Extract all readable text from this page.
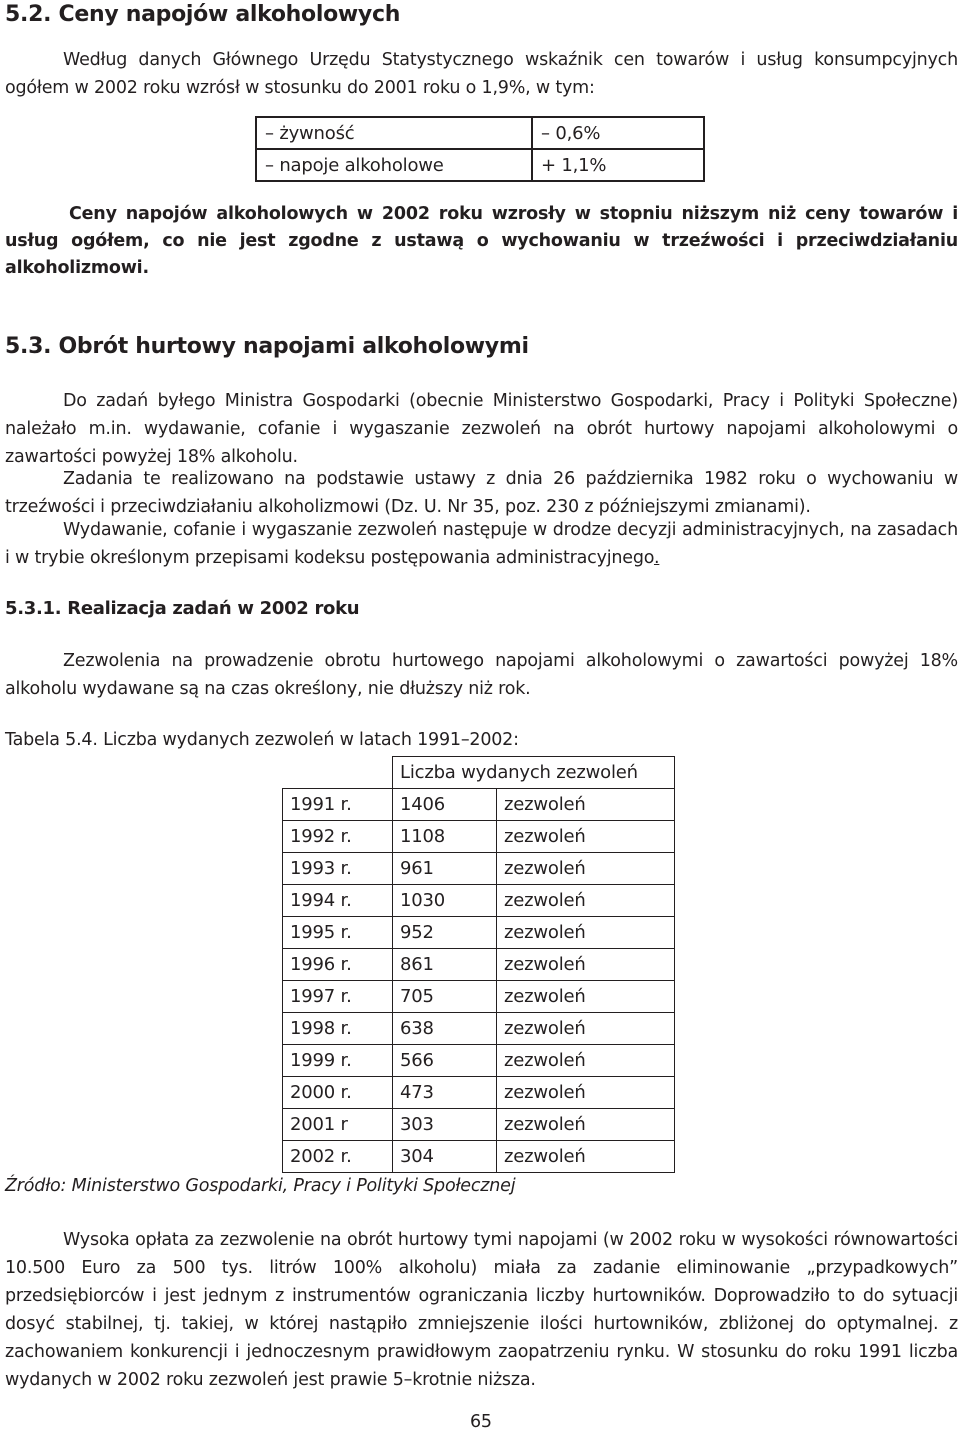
5.2. Ceny napojów alkoholowych
Według danych Głównego Urzędu Statystycznego wskaźnik cen towarów i usług konsumpcyjnych ogółem w 2002 roku wzrósł w stosunku do 2001 roku o 1,9%, w tym:
– żywność	– 0,6%
– napoje alkoholowe	+ 1,1%
Ceny napojów alkoholowych w 2002 roku wzrosły w stopniu niższym niż ceny towarów i usług ogółem, co nie jest zgodne z ustawą o wychowaniu w trzeźwości i przeciwdziałaniu alkoholizmowi.
5.3. Obrót hurtowy napojami alkoholowymi
Do zadań byłego Ministra Gospodarki (obecnie Ministerstwo Gospodarki, Pracy i Polityki Społeczne) należało m.in. wydawanie, cofanie i wygaszanie zezwoleń na obrót hurtowy napojami alkoholowymi o zawartości powyżej 18% alkoholu.
Zadania te realizowano na podstawie ustawy z dnia 26 października 1982 roku o wychowaniu w trzeźwości i przeciwdziałaniu alkoholizmowi (Dz. U. Nr 35, poz. 230 z późniejszymi zmianami).
Wydawanie, cofanie i wygaszanie zezwoleń następuje w drodze decyzji administracyjnych, na zasadach i w trybie określonym przepisami kodeksu postępowania administracyjnego.
5.3.1. Realizacja zadań w 2002 roku
Zezwolenia na prowadzenie obrotu hurtowego napojami alkoholowymi o zawartości powyżej 18% alkoholu wydawane są na czas określony, nie dłuższy niż rok.
Tabela 5.4. Liczba wydanych zezwoleń w latach 1991–2002:
	Liczba wydanych zezwoleń	
1991 r.	1406	zezwoleń
1992 r.	1108	zezwoleń
1993 r.	961	zezwoleń
1994 r.	1030	zezwoleń
1995 r.	952	zezwoleń
1996 r.	861	zezwoleń
1997 r.	705	zezwoleń
1998 r.	638	zezwoleń
1999 r.	566	zezwoleń
2000 r.	473	zezwoleń
2001 r	303	zezwoleń
2002 r.	304	zezwoleń
Źródło: Ministerstwo Gospodarki, Pracy i Polityki Społecznej
Wysoka opłata za zezwolenie na obrót hurtowy tymi napojami (w 2002 roku w wysokości równowartości 10.500 Euro za 500 tys. litrów 100% alkoholu) miała za zadanie eliminowanie „przypadkowych” przedsiębiorców i jest jednym z instrumentów ograniczania liczby hurtowników. Doprowadziło to do sytuacji dosyć stabilnej, tj. takiej, w której nastąpiło zmniejszenie ilości hurtowników, zbliżonej do optymalnej. z zachowaniem konkurencji i jednoczesnym prawidłowym zaopatrzeniu rynku. W stosunku do roku 1991 liczba wydanych w 2002 roku zezwoleń jest prawie 5–krotnie niższa.
65
